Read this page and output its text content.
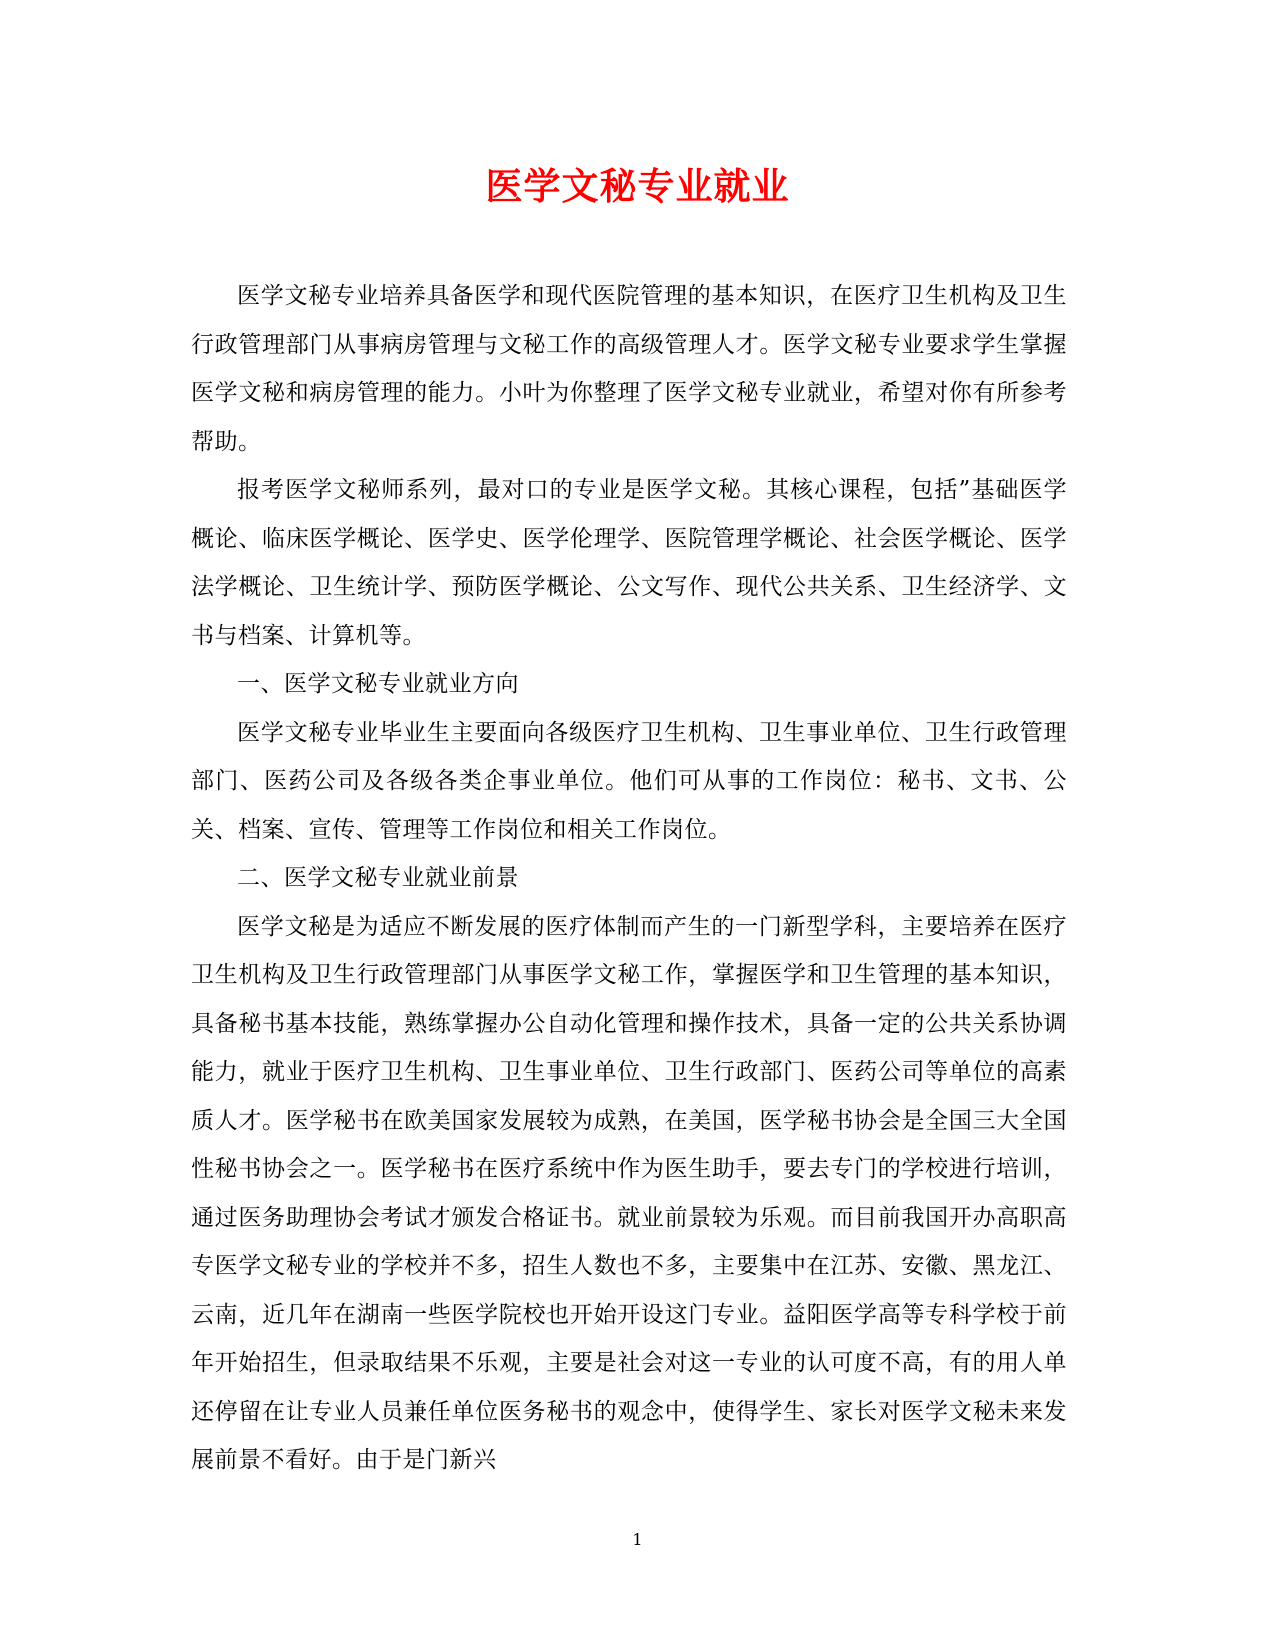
医学文秘专业就业

医学文秘专业培养具备医学和现代医院管理的基本知识，在医疗卫生机构及卫生行政管理部门从事病房管理与文秘工作的高级管理人才。医学文秘专业要求学生掌握医学文秘和病房管理的能力。小叶为你整理了医学文秘专业就业，希望对你有所参考帮助。

报考医学文秘师系列，最对口的专业是医学文秘。其核心课程，包括”基础医学概论、临床医学概论、医学史、医学伦理学、医院管理学概论、社会医学概论、医学法学概论、卫生统计学、预防医学概论、公文写作、现代公共关系、卫生经济学、文书与档案、计算机等。

一、医学文秘专业就业方向

医学文秘专业毕业生主要面向各级医疗卫生机构、卫生事业单位、卫生行政管理部门、医药公司及各级各类企事业单位。他们可从事的工作岗位：秘书、文书、公关、档案、宣传、管理等工作岗位和相关工作岗位。

二、医学文秘专业就业前景

医学文秘是为适应不断发展的医疗体制而产生的一门新型学科，主要培养在医疗卫生机构及卫生行政管理部门从事医学文秘工作，掌握医学和卫生管理的基本知识，具备秘书基本技能，熟练掌握办公自动化管理和操作技术，具备一定的公共关系协调能力，就业于医疗卫生机构、卫生事业单位、卫生行政部门、医药公司等单位的高素质人才。医学秘书在欧美国家发展较为成熟，在美国，医学秘书协会是全国三大全国性秘书协会之一。医学秘书在医疗系统中作为医生助手，要去专门的学校进行培训，通过医务助理协会考试才颁发合格证书。就业前景较为乐观。而目前我国开办高职高专医学文秘专业的学校并不多，招生人数也不多，主要集中在江苏、安徽、黑龙江、云南，近几年在湖南一些医学院校也开始开设这门专业。益阳医学高等专科学校于前年开始招生，但录取结果不乐观，主要是社会对这一专业的认可度不高，有的用人单还停留在让专业人员兼任单位医务秘书的观念中，使得学生、家长对医学文秘未来发展前景不看好。由于是门新兴

1
